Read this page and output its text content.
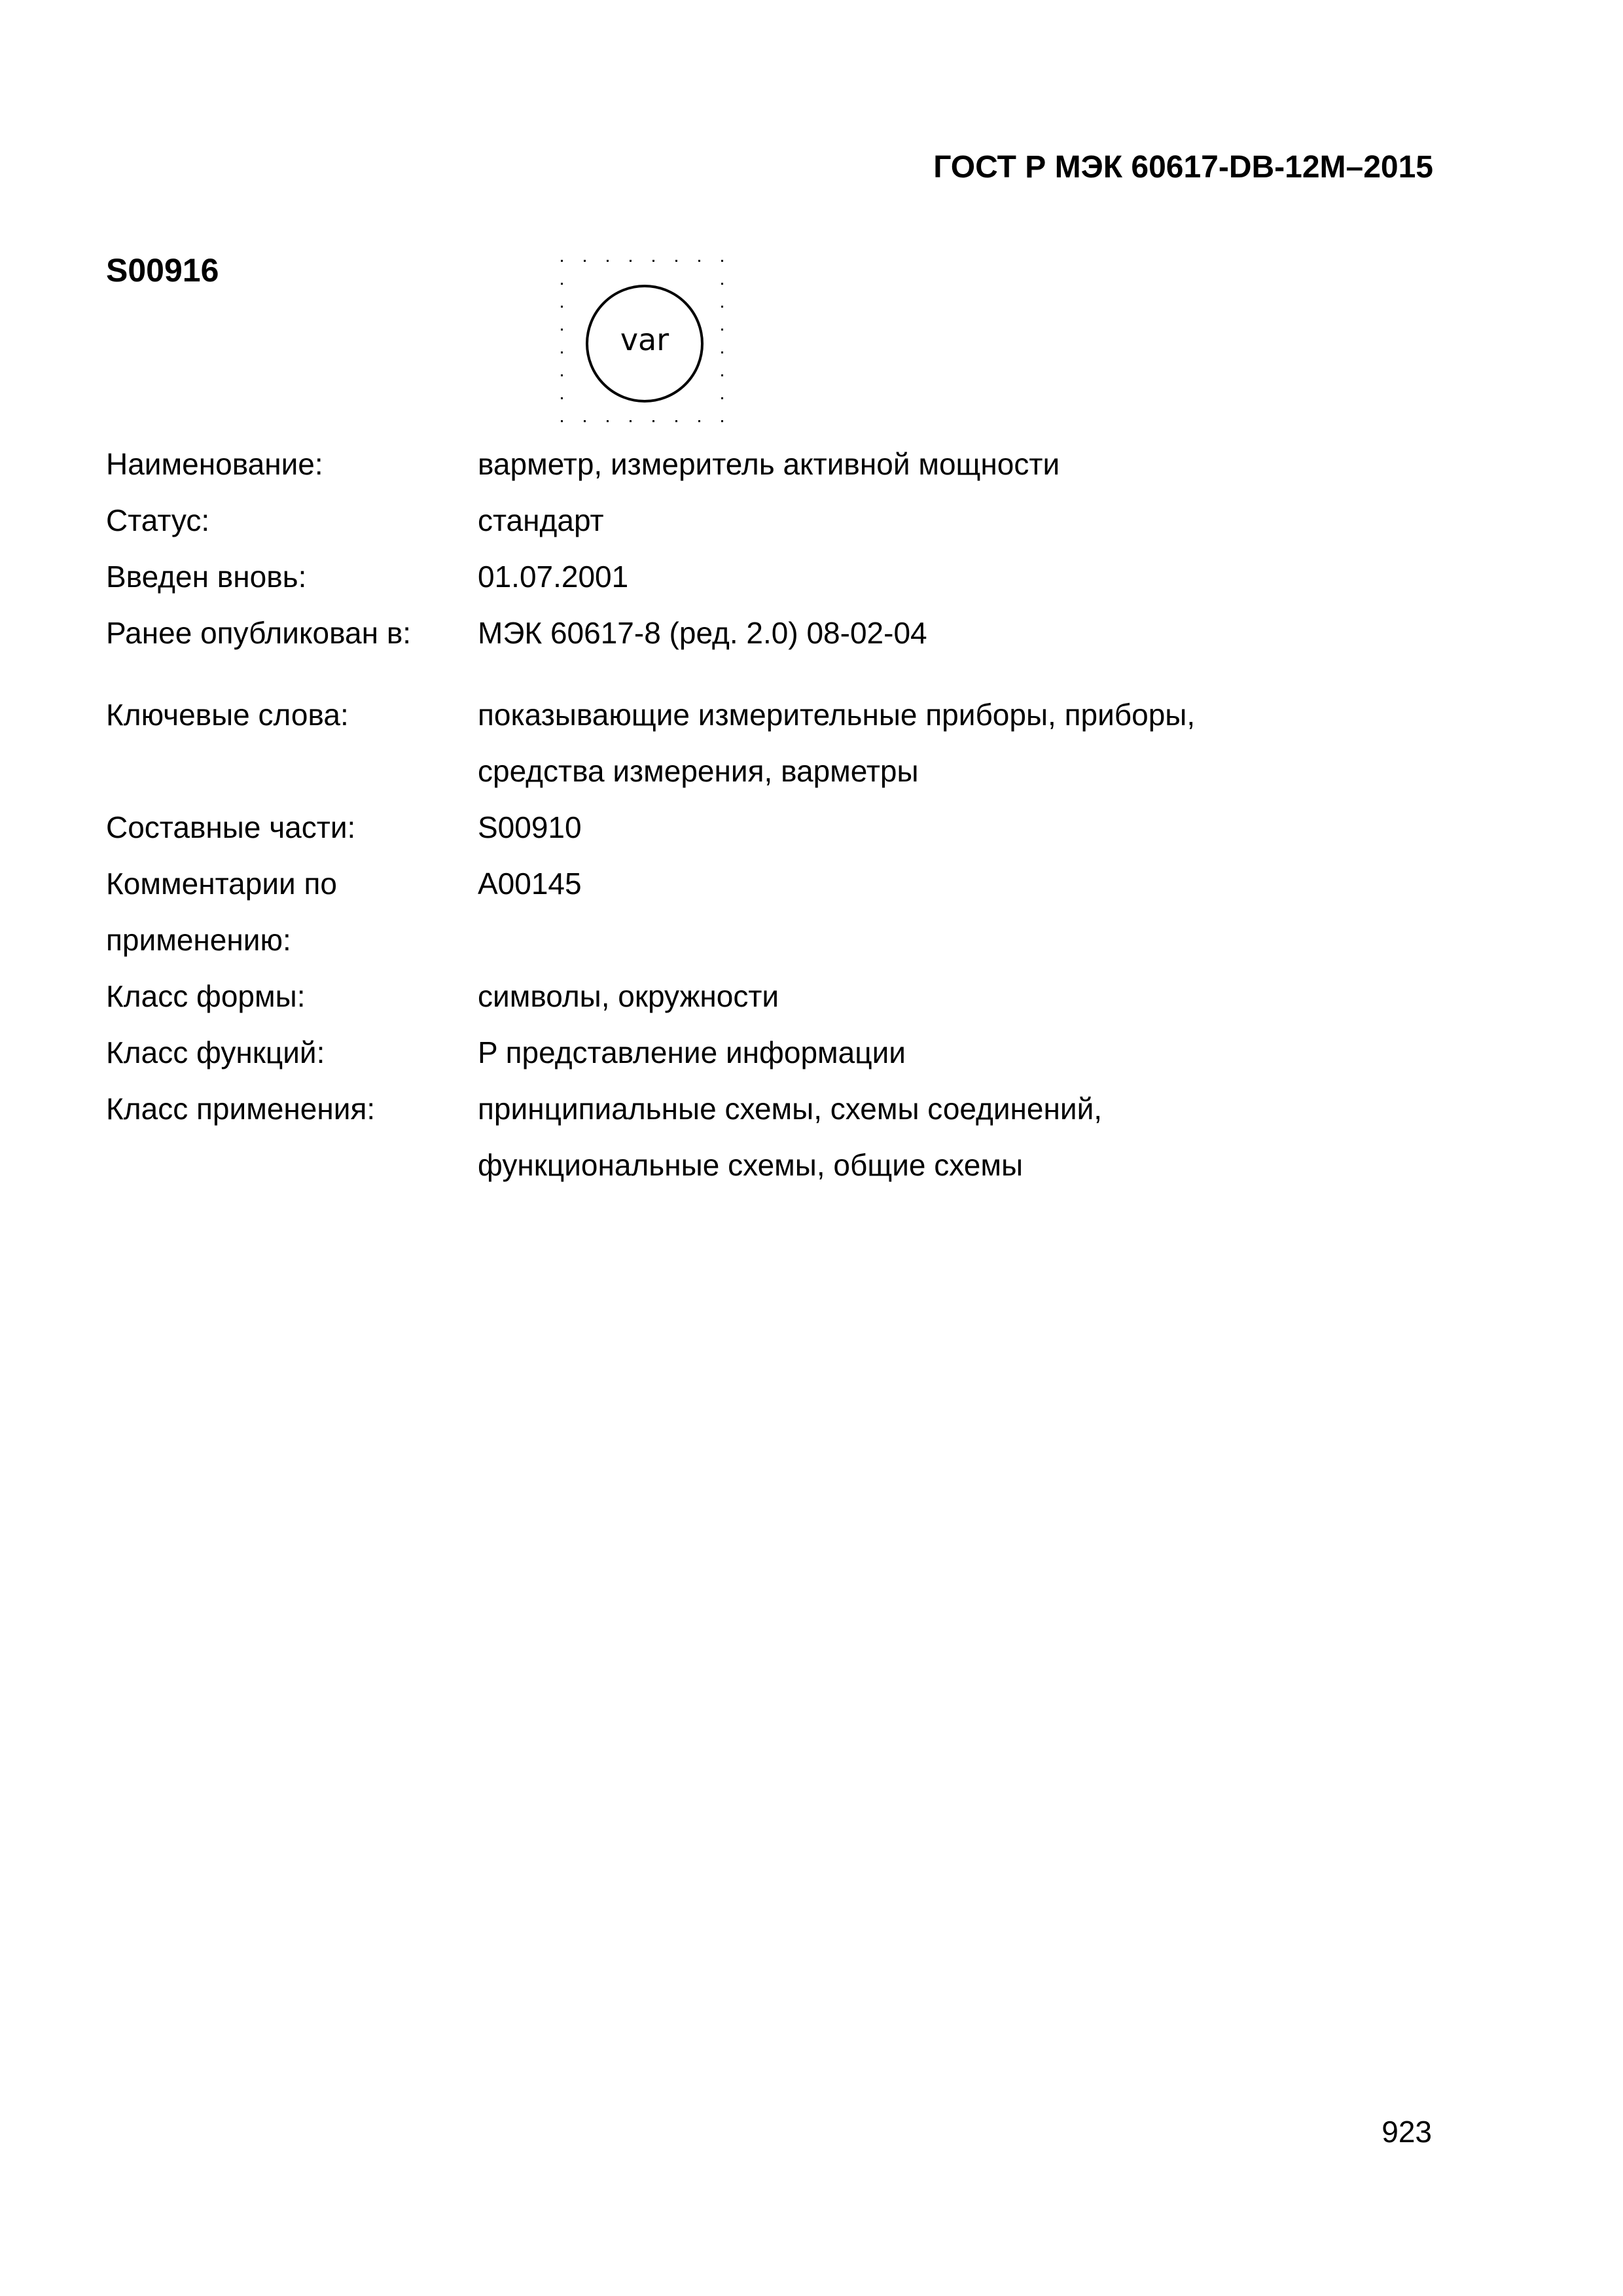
ГОСТ Р МЭК 60617-DB-12M–2015
S00916
var
Наименование:	варметр, измеритель активной мощности
Статус:	стандарт
Введен вновь:	01.07.2001
Ранее опубликован в: МЭК 60617-8 (ред. 2.0) 08-02-04
Ключевые слова:	показывающие измерительные приборы, приборы,
средства измерения, варметры
Составные части:	S00910
Комментарии по	A00145
применению:
Класс формы:	символы, окружности
Класс функций:	P представление информации
Класс применения:	принципиальные схемы, схемы соединений,
функциональные схемы, общие схемы
923
